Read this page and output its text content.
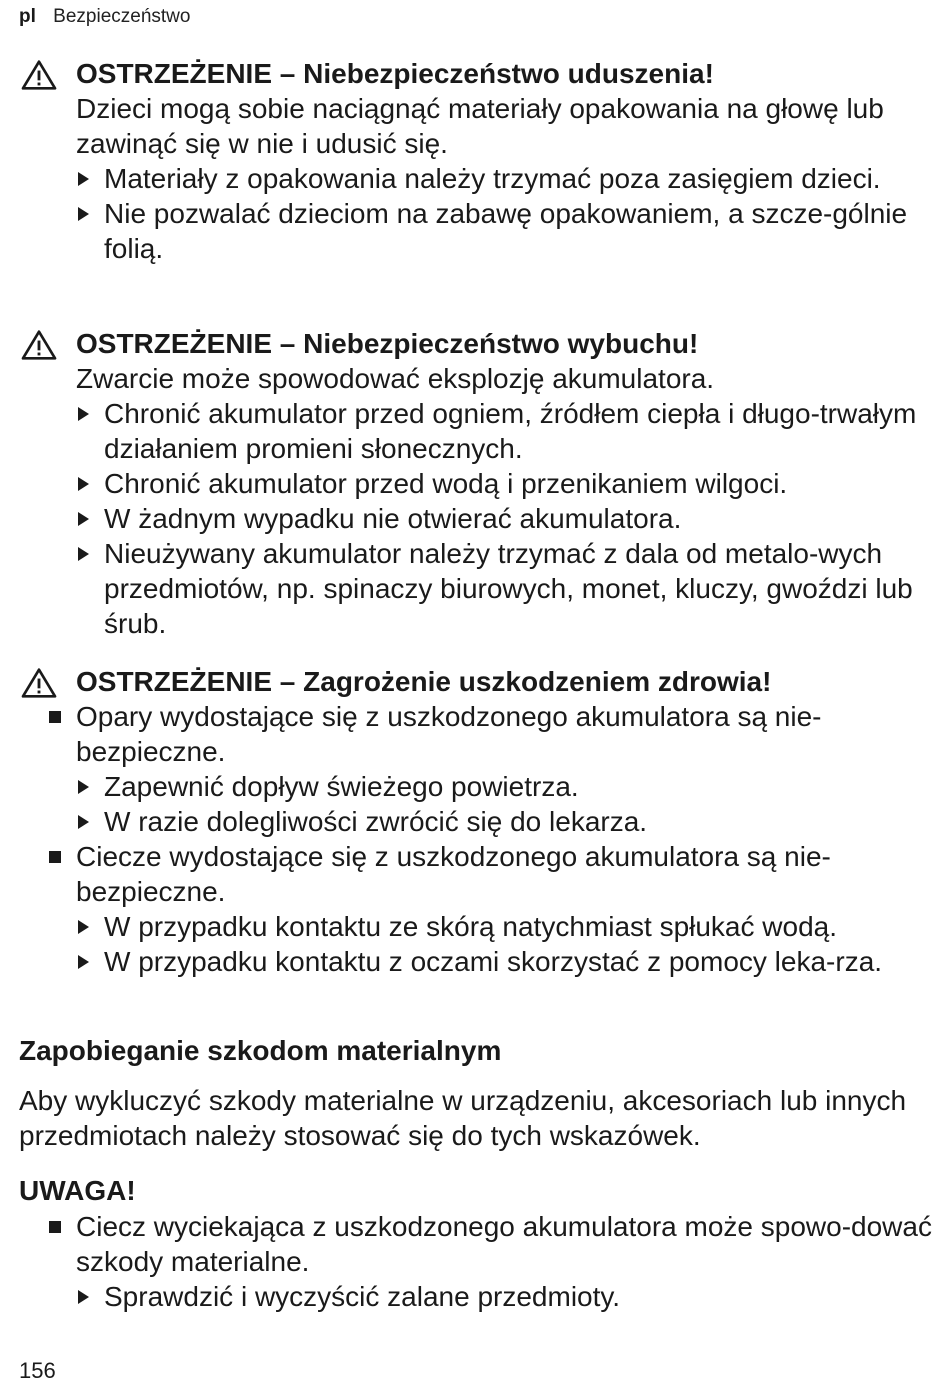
pl Bezpieczeństwo
OSTRZEŻENIE – Niebezpieczeństwo uduszenia!
Dzieci mogą sobie naciągnąć materiały opakowania na głowę lub zawinąć się w nie i udusić się.
Materiały z opakowania należy trzymać poza zasięgiem dzieci.
Nie pozwalać dzieciom na zabawę opakowaniem, a szcze-gólnie folią.
OSTRZEŻENIE – Niebezpieczeństwo wybuchu!
Zwarcie może spowodować eksplozję akumulatora.
Chronić akumulator przed ogniem, źródłem ciepła i długo-trwałym działaniem promieni słonecznych.
Chronić akumulator przed wodą i przenikaniem wilgoci.
W żadnym wypadku nie otwierać akumulatora.
Nieużywany akumulator należy trzymać z dala od metalo-wych przedmiotów, np. spinaczy biurowych, monet, kluczy, gwoździ lub śrub.
OSTRZEŻENIE – Zagrożenie uszkodzeniem zdrowia!
Opary wydostające się z uszkodzonego akumulatora są nie-bezpieczne.
Zapewnić dopływ świeżego powietrza.
W razie dolegliwości zwrócić się do lekarza.
Ciecze wydostające się z uszkodzonego akumulatora są nie-bezpieczne.
W przypadku kontaktu ze skórą natychmiast spłukać wodą.
W przypadku kontaktu z oczami skorzystać z pomocy leka-rza.
Zapobieganie szkodom materialnym
Aby wykluczyć szkody materialne w urządzeniu, akcesoriach lub innych przedmiotach należy stosować się do tych wskazówek.
UWAGA!
Ciecz wyciekająca z uszkodzonego akumulatora może spowo-dować szkody materialne.
Sprawdzić i wyczyścić zalane przedmioty.
156
